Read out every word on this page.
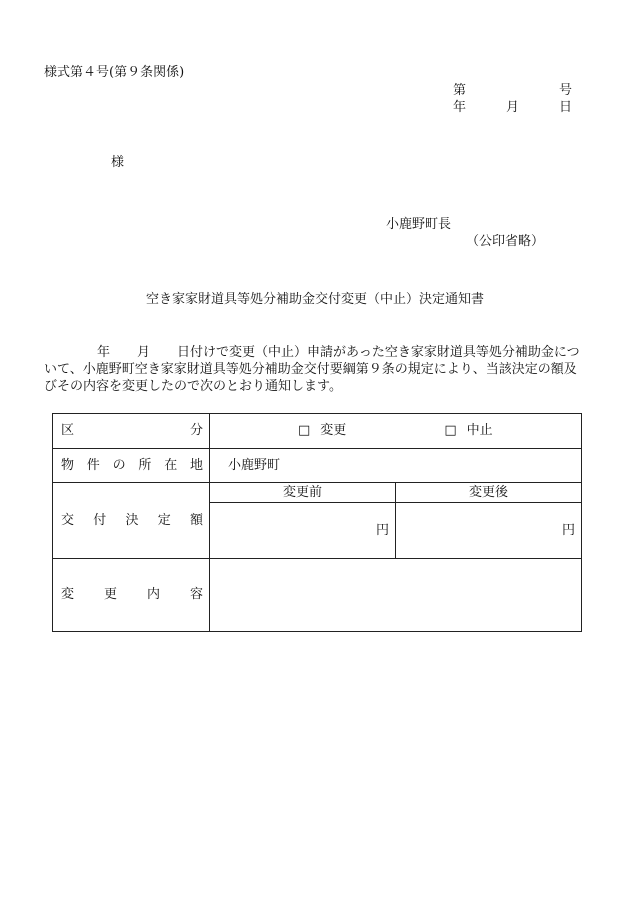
様式第４号(第９条関係)
第	号
年	月	日
様
小鹿野町長
（公印省略）
空き家家財道具等処分補助金交付変更（中止）決定通知書
年 月 日付けで変更（中止）申請があった空き家家財道具等処分補助金につ
いて、小鹿野町空き家家財道具等処分補助金交付要綱第９条の規定により、当該決定の額及
びその内容を変更したので次のとおり通知します。
区	分	□ 変更	□ 中止

物 件 の 所 在 地	小鹿野町

交 付 決 定 額

変更前	変更後
円	円

変 更 内 容
